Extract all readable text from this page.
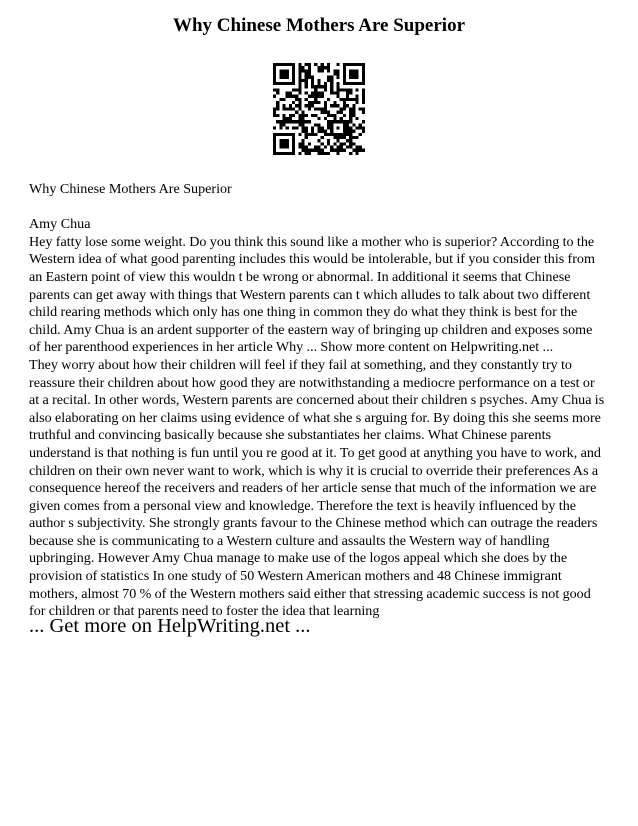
Why Chinese Mothers Are Superior

Why Chinese Mothers Are Superior

Amy Chua

Hey fatty lose some weight. Do you think this sound like a mother who is superior? According to the
Western idea of what good parenting includes this would be intolerable, but if you consider this from
an Eastern point of view this wouldn t be wrong or abnormal. In additional it seems that Chinese
parents can get away with things that Western parents can t which alludes to talk about two different
child rearing methods which only has one thing in common they do what they think is best for the
child. Amy Chua is an ardent supporter of the eastern way of bringing up children and exposes some
of her parenthood experiences in her article Why ... Show more content on Helpwriting.net ...
They worry about how their children will feel if they fail at something, and they constantly try to
reassure their children about how good they are notwithstanding a mediocre performance on a test or
at a recital. In other words, Western parents are concerned about their children s psyches. Amy Chua is
also elaborating on her claims using evidence of what she s arguing for. By doing this she seems more
truthful and convincing basically because she substantiates her claims. What Chinese parents
understand is that nothing is fun until you re good at it. To get good at anything you have to work, and
children on their own never want to work, which is why it is crucial to override their preferences As a
consequence hereof the receivers and readers of her article sense that much of the information we are
given comes from a personal view and knowledge. Therefore the text is heavily influenced by the
author s subjectivity. She strongly grants favour to the Chinese method which can outrage the readers
because she is communicating to a Western culture and assaults the Western way of handling
upbringing. However Amy Chua manage to make use of the logos appeal which she does by the
provision of statistics In one study of 50 Western American mothers and 48 Chinese immigrant
mothers, almost 70 % of the Western mothers said either that stressing academic success is not good
for children or that parents need to foster the idea that learning
... Get more on HelpWriting.net ...
